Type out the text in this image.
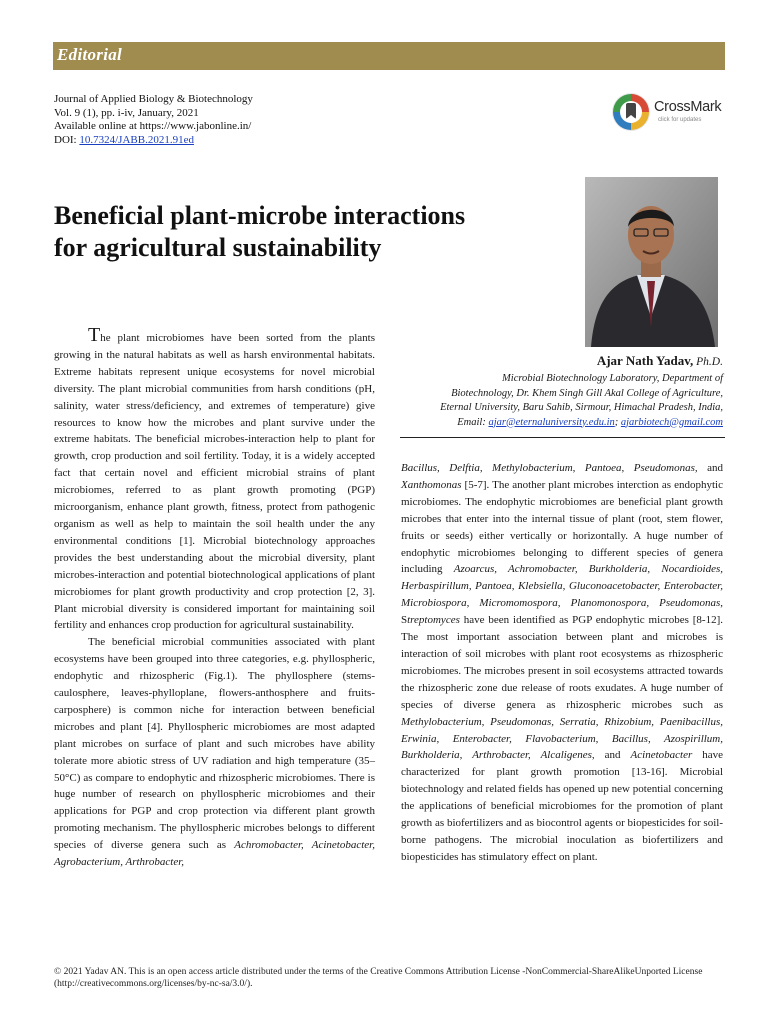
Editorial
Journal of Applied Biology & Biotechnology
Vol. 9 (1), pp. i-iv, January, 2021
Available online at https://www.jabonline.in/
DOI: 10.7324/JABB.2021.91ed
CrossMark
click for updates
Beneficial plant-microbe interactions
for agricultural sustainability
Ajar Nath Yadav, Ph.D.
Microbial Biotechnology Laboratory, Department of
Biotechnology, Dr. Khem Singh Gill Akal College of Agriculture,
Eternal University, Baru Sahib, Sirmour, Himachal Pradesh, India,
Email: ajar@eternaluniversity.edu.in; ajarbiotech@gmail.com

The plant microbiomes have been sorted from the plants growing in the natural habitats as well as harsh environmental habitats. Extreme habitats represent unique ecosystems for novel microbial diversity. The plant microbial communities from harsh conditions (pH, salinity, water stress/deficiency, and extremes of temperature) give resources to know how the microbes and plant survive under the extreme habitats. The beneficial microbes-interaction help to plant for growth, crop production and soil fertility. Today, it is a widely accepted fact that certain novel and efficient microbial strains of plant microbiomes, referred to as plant growth promoting (PGP) microorganism, enhance plant growth, fitness, protect from pathogenic organism as well as help to maintain the soil health under the any environmental conditions [1]. Microbial biotechnology approaches provides the best understanding about the microbial diversity, plant microbes-interaction and potential biotechnological applications of plant microbiomes for plant growth productivity and crop protection [2, 3]. Plant microbial diversity is considered important for maintaining soil fertility and enhances crop production for agricultural sustainability.

The beneficial microbial communities associated with plant ecosystems have been grouped into three categories, e.g. phyllospheric, endophytic and rhizospheric (Fig.1). The phyllosphere (stems-caulosphere, leaves-phylloplane, flowers-anthosphere and fruits-carposphere) is common niche for interaction between beneficial microbes and plant [4]. Phyllospheric microbiomes are most adapted plant microbes on surface of plant and such microbes have ability tolerate more abiotic stress of UV radiation and high temperature (35–50°C) as compare to endophytic and rhizospheric microbiomes. There is huge number of research on phyllospheric microbiomes and their applications for PGP and crop protection via different plant growth promoting mechanism. The phyllospheric microbes belongs to different species of diverse genera such as Achromobacter, Acinetobacter, Agrobacterium, Arthrobacter,

Bacillus, Delftia, Methylobacterium, Pantoea, Pseudomonas, and Xanthomonas [5-7]. The another plant microbes interction as endophytic microbiomes. The endophytic microbiomes are beneficial plant growth microbes that enter into the internal tissue of plant (root, stem flower, fruits or seeds) either vertically or horizontally. A huge number of endophytic microbiomes belonging to different species of genera including Azoarcus, Achromobacter, Burkholderia, Nocardioides, Herbaspirillum, Pantoea, Klebsiella, Gluconoacetobacter, Enterobacter, Microbiospora, Micromomospora, Planomonospora, Pseudomonas, Streptomyces have been identified as PGP endophytic microbes [8-12]. The most important association between plant and microbes is interaction of soil microbes with plant root ecosystems as rhizospheric microbiomes. The microbes present in soil ecosystems attracted towards the rhizospheric zone due release of roots exudates. A huge number of species of diverse genera as rhizospheric microbes such as Methylobacterium, Pseudomonas, Serratia, Rhizobium, Paenibacillus, Erwinia, Enterobacter, Flavobacterium, Bacillus, Azospirillum, Burkholderia, Arthrobacter, Alcaligenes, and Acinetobacter have characterized for plant growth promotion [13-16]. Microbial biotechnology and related fields has opened up new potential concerning the applications of beneficial microbiomes for the promotion of plant growth as biofertilizers and as biocontrol agents or biopesticides for soil-borne pathogens. The microbial inoculation as biofertilizers and biopesticides has stimulatory effect on plant.

© 2021 Yadav AN. This is an open access article distributed under the terms of the Creative Commons Attribution License -NonCommercial-ShareAlikeUnported License (http://creativecommons.org/licenses/by-nc-sa/3.0/).
